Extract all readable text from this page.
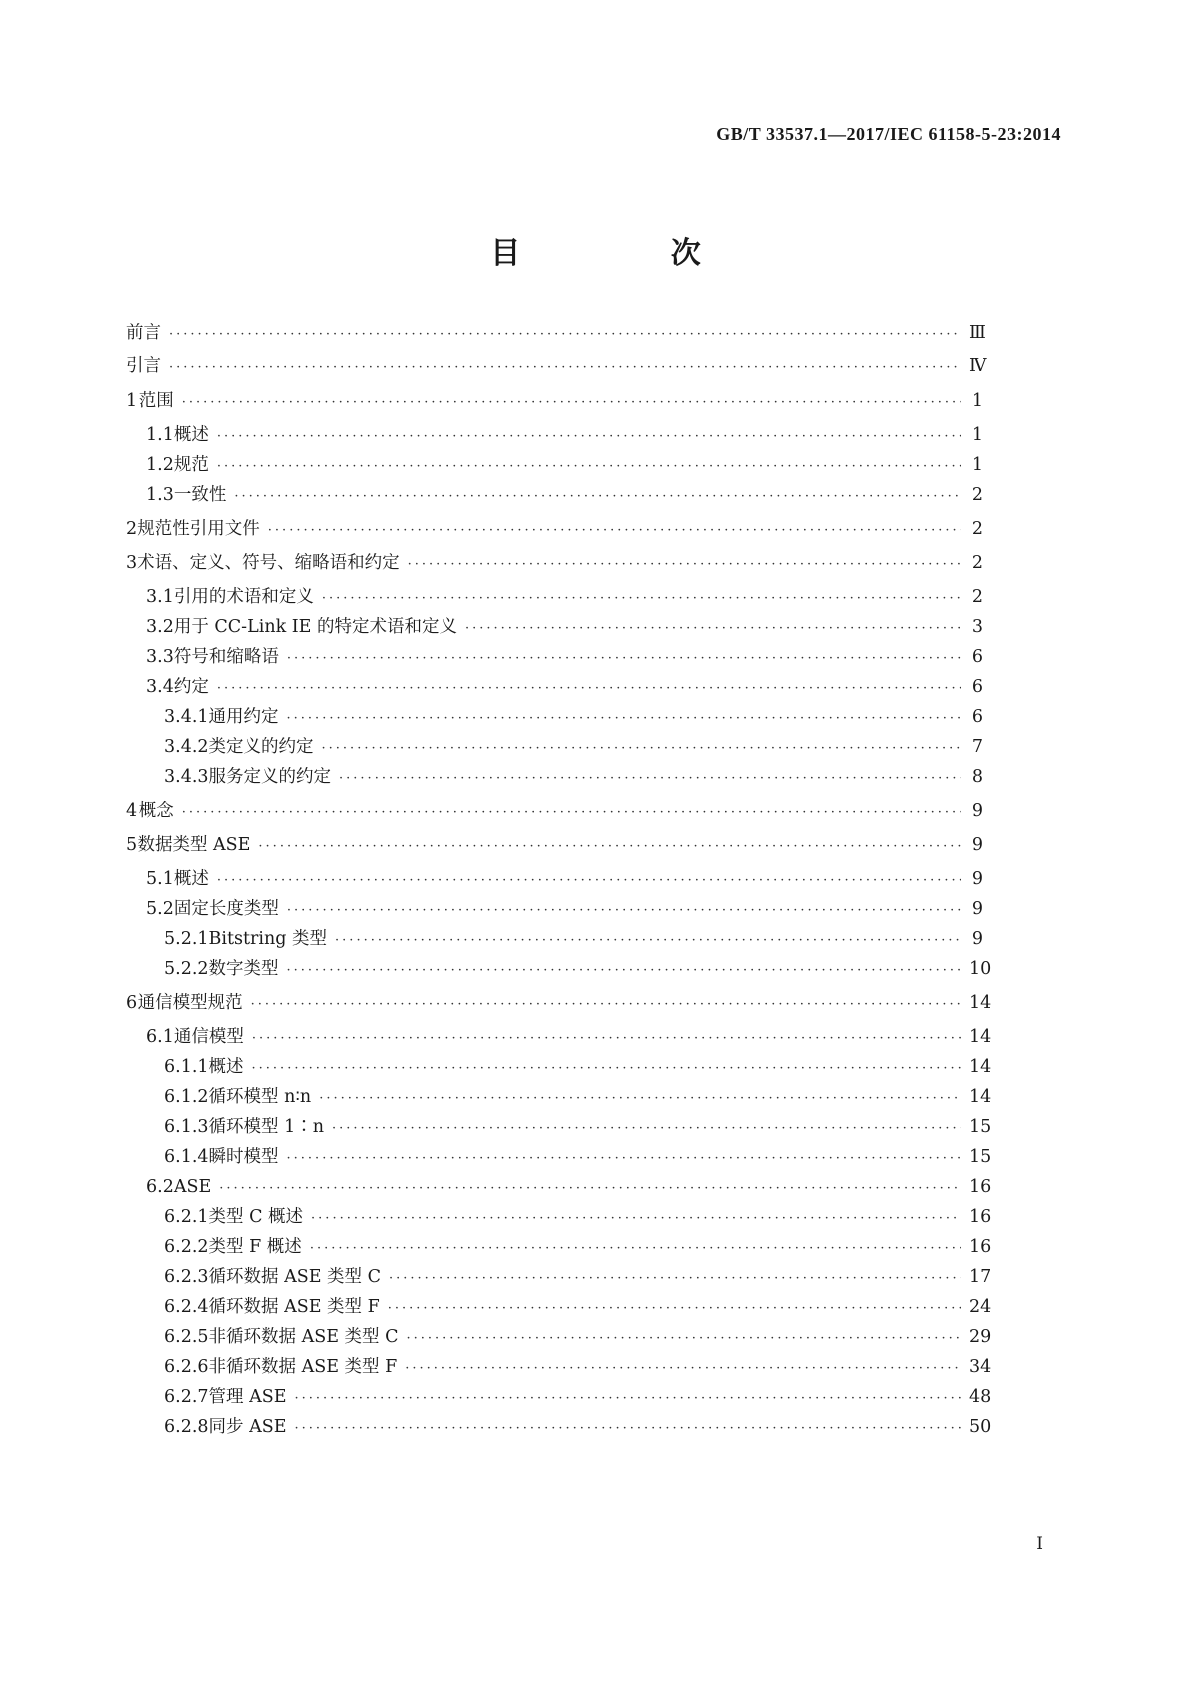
GB/T 33537.1—2017/IEC 61158-5-23:2014
目 次
前言 ·····	Ⅲ
引言 ·····	Ⅳ
1 范围 ·····	1
1.1 概述 ·····	1
1.2 规范 ·····	1
1.3 一致性 ·····	2
2 规范性引用文件 ·····	2
3 术语、定义、符号、缩略语和约定 ·····	2
3.1 引用的术语和定义 ·····	2
3.2 用于 CC-Link IE 的特定术语和定义 ·····	3
3.3 符号和缩略语 ·····	6
3.4 约定 ·····	6
3.4.1 通用约定 ·····	6
3.4.2 类定义的约定 ·····	7
3.4.3 服务定义的约定 ·····	8
4 概念 ·····	9
5 数据类型 ASE ·····	9
5.1 概述 ·····	9
5.2 固定长度类型 ·····	9
5.2.1 Bitstring 类型 ·····	9
5.2.2 数字类型 ·····	10
6 通信模型规范 ·····	14
6.1 通信模型 ·····	14
6.1.1 概述 ·····	14
6.1.2 循环模型 n∶n ·····	14
6.1.3 循环模型 1∶n ·····	15
6.1.4 瞬时模型 ·····	15
6.2 ASE ·····	16
6.2.1 类型 C 概述 ·····	16
6.2.2 类型 F 概述 ·····	16
6.2.3 循环数据 ASE 类型 C ·····	17
6.2.4 循环数据 ASE 类型 F ·····	24
6.2.5 非循环数据 ASE 类型 C ·····	29
6.2.6 非循环数据 ASE 类型 F ·····	34
6.2.7 管理 ASE ·····	48
6.2.8 同步 ASE ·····	50
I
